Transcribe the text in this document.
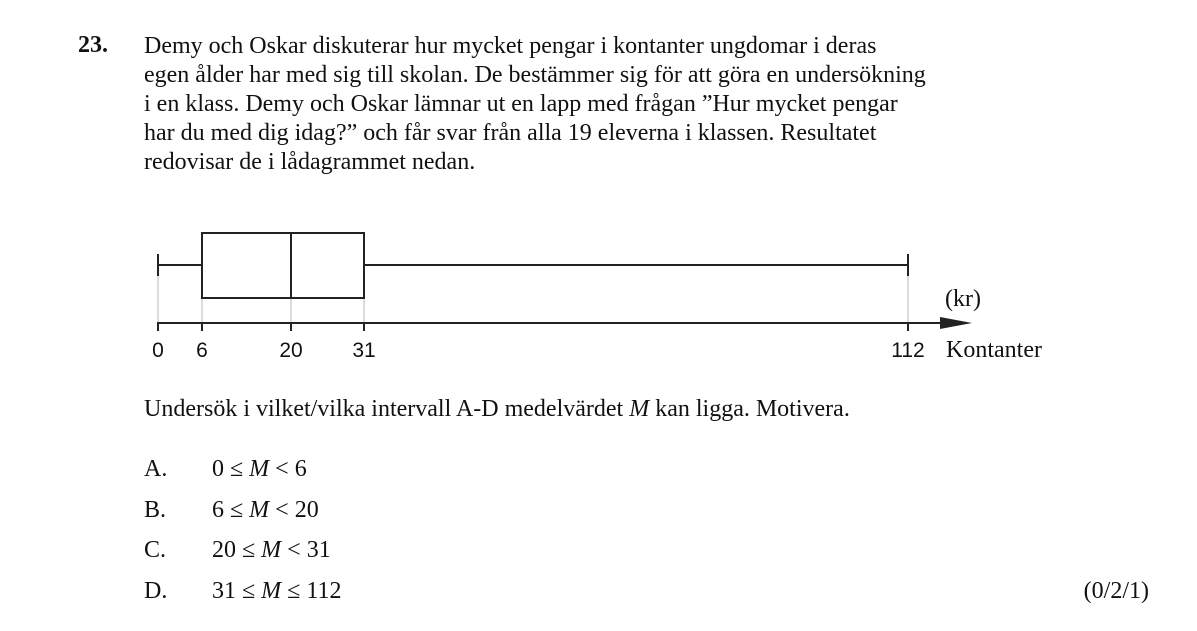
23. Demy och Oskar diskuterar hur mycket pengar i kontanter ungdomar i deras
egen ålder har med sig till skolan. De bestämmer sig för att göra en undersökning
i en klass. Demy och Oskar lämnar ut en lapp med frågan ”Hur mycket pengar
har du med dig idag?” och får svar från alla 19 eleverna i klassen. Resultatet
redovisar de i lådagrammet nedan.
0 6	20 31	112
(kr)
Kontanter
Undersök i vilket/vilka intervall A-D medelvärdet M kan ligga. Motivera.
A. 0 ≤ M < 6
B. 6 ≤ M < 20
C. 20 ≤ M < 31
D. 31 ≤ M ≤ 112	(0/2/1)
